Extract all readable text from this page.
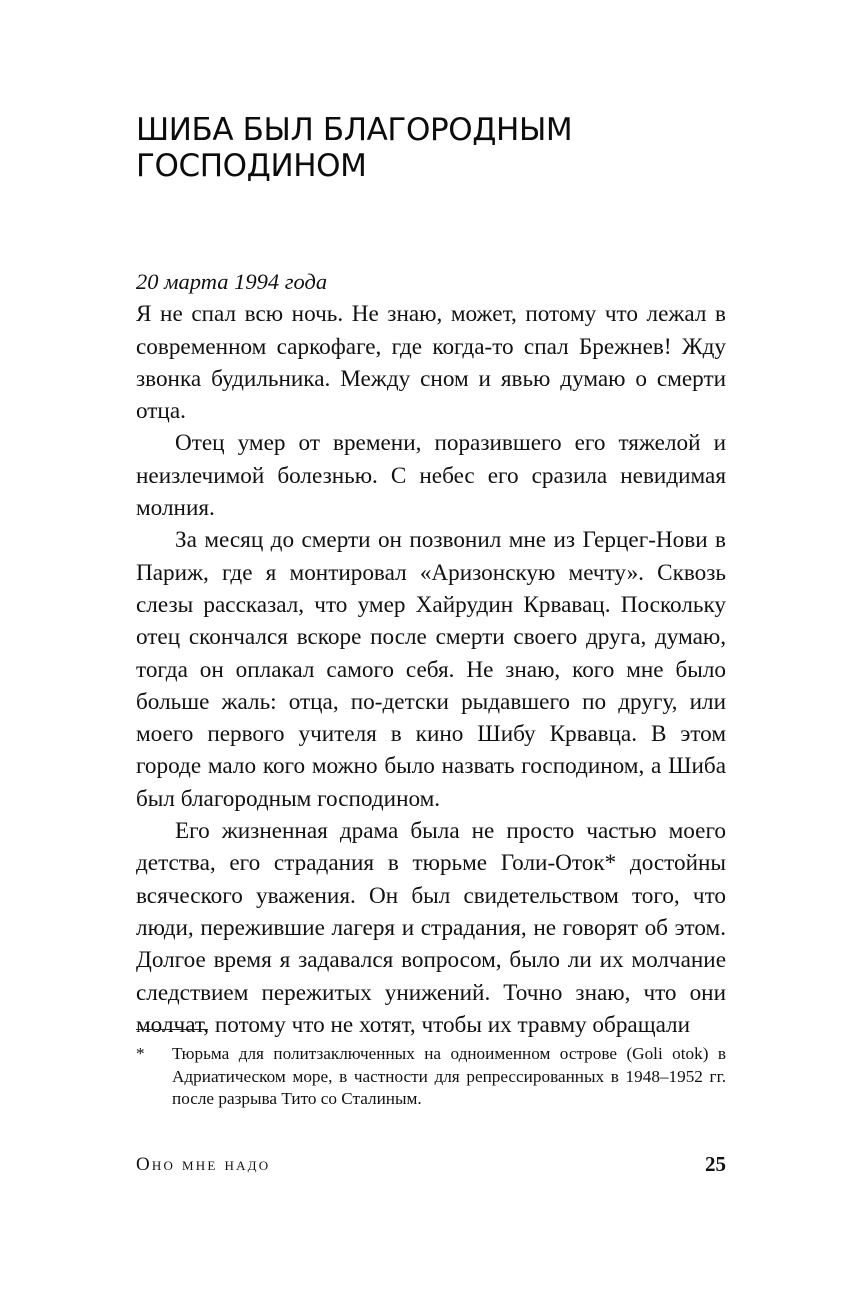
ШИБА БЫЛ БЛАГОРОДНЫМ
ГОСПОДИНОМ

20 марта 1994 года

Я не спал всю ночь. Не знаю, может, потому что лежал в современном саркофаге, где когда-то спал Брежнев! Жду звонка будильника. Между сном и явью думаю о смерти отца.

Отец умер от времени, поразившего его тяжелой и неизлечимой болезнью. С небес его сразила невидимая молния.

За месяц до смерти он позвонил мне из Герцег-Нови в Париж, где я монтировал «Аризонскую мечту». Сквозь слезы рассказал, что умер Хайрудин Крвавац. Поскольку отец скончался вскоре после смерти своего друга, думаю, тогда он оплакал самого себя. Не знаю, кого мне было больше жаль: отца, по-детски рыдавшего по другу, или моего первого учителя в кино Шибу Крвавца. В этом городе мало кого можно было назвать господином, а Шиба был благородным господином.

Его жизненная драма была не просто частью моего детства, его страдания в тюрьме Голи-Оток* достойны всяческого уважения. Он был свидетельством того, что люди, пережившие лагеря и страдания, не говорят об этом. Долгое время я задавался вопросом, было ли их молчание следствием пережитых унижений. Точно знаю, что они молчат, потому что не хотят, чтобы их травму обращали

*	Тюрьма для политзаключенных на одноименном острове (Goli otok) в Адриатическом море, в частности для репрессированных в 1948–1952 гг. после разрыва Тито со Сталиным.

Оно мне надо	25
